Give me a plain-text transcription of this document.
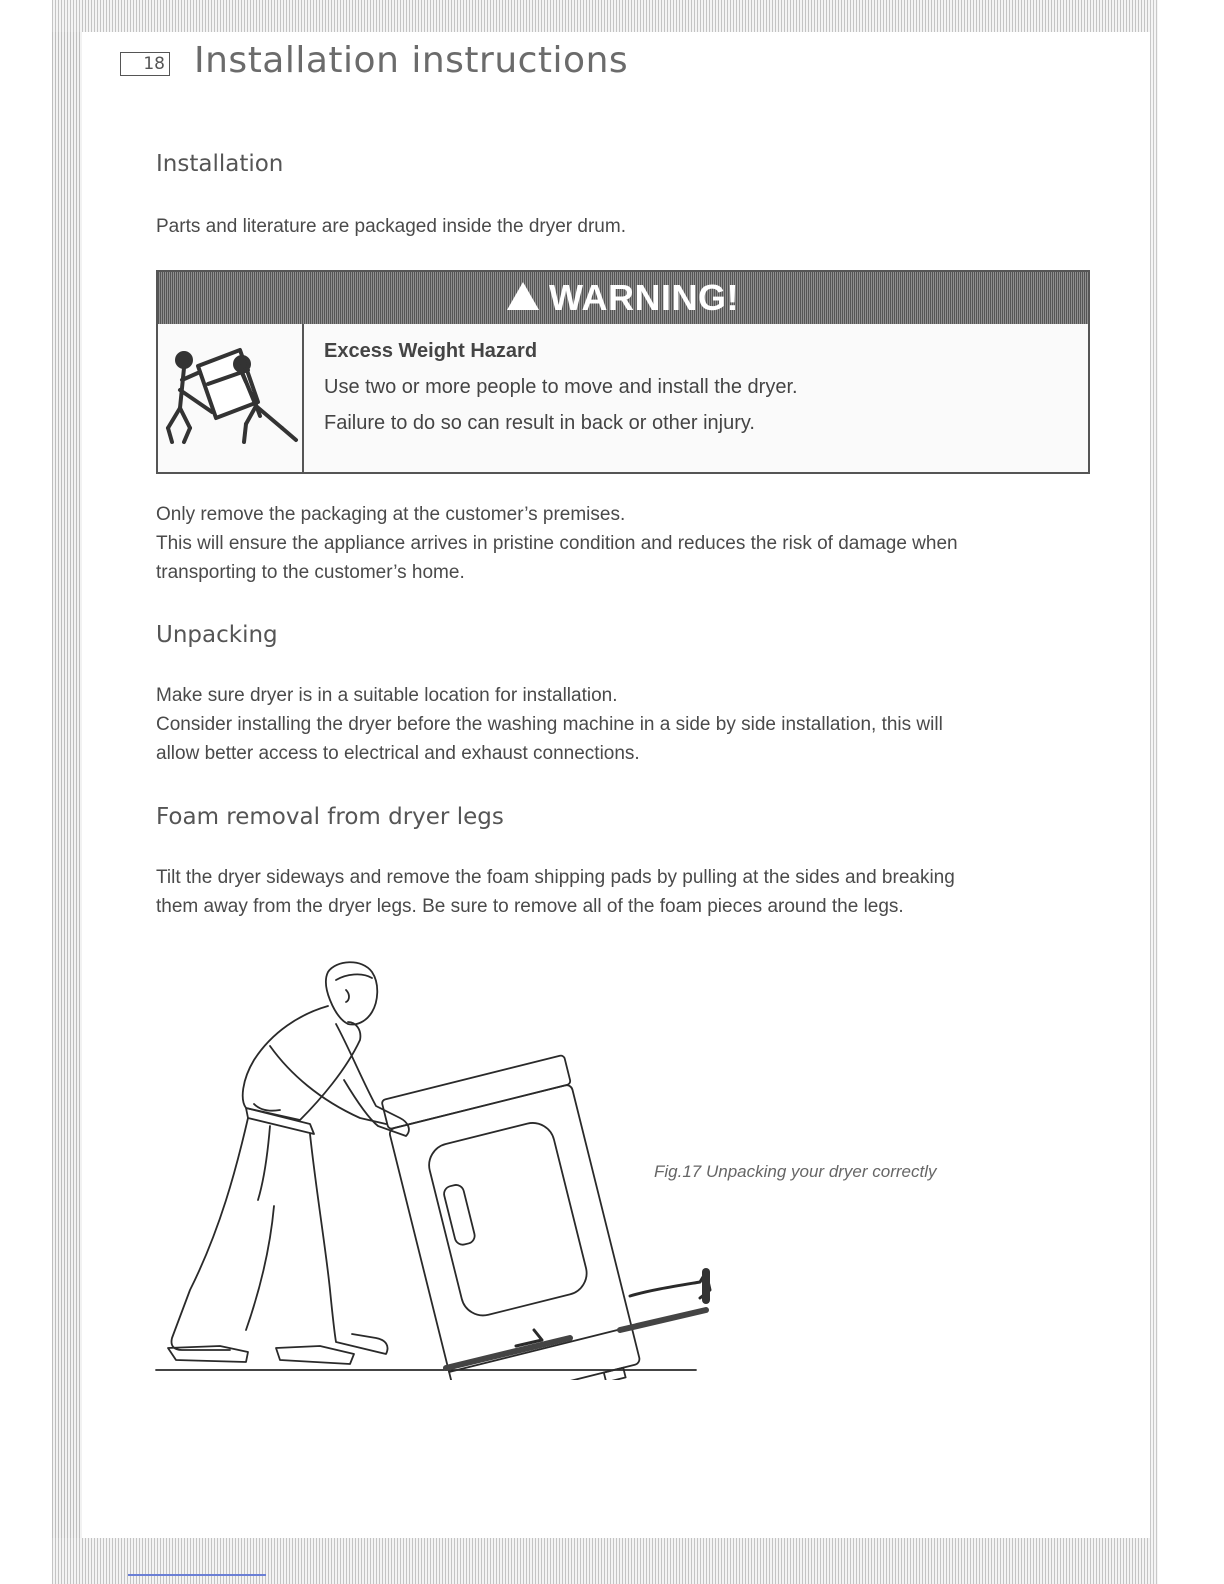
18 Installation instructions
Installation

Parts and literature are packaged inside the dryer drum.

WARNING!
Excess Weight Hazard
Use two or more people to move and install the dryer.
Failure to do so can result in back or other injury.

Only remove the packaging at the customer’s premises.

This will ensure the appliance arrives in pristine condition and reduces the risk of damage when

transporting to the customer’s home.

Unpacking

Make sure dryer is in a suitable location for installation.

Consider installing the dryer before the washing machine in a side by side installation, this will

allow better access to electrical and exhaust connections.

Foam removal from dryer legs

Tilt the dryer sideways and remove the foam shipping pads by pulling at the sides and breaking

them away from the dryer legs. Be sure to remove all of the foam pieces around the legs.

Fig.17 Unpacking your dryer correctly
